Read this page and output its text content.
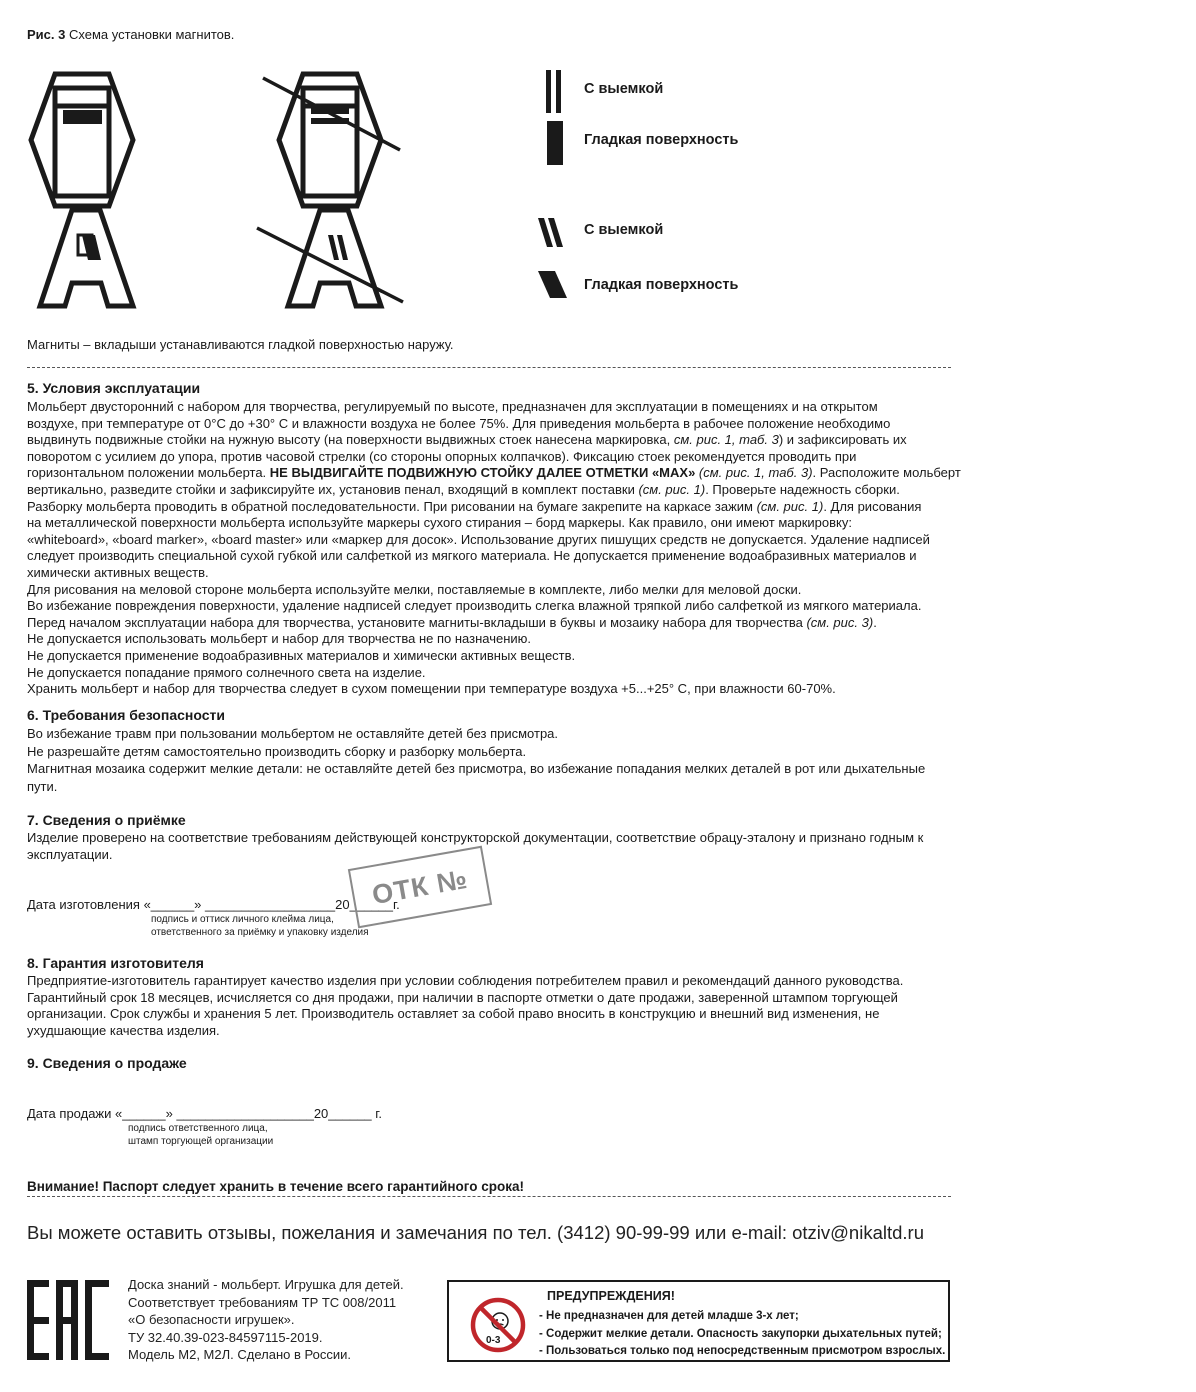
Рис. 3 Схема установки магнитов.
С выемкой
Гладкая поверхность
С выемкой
Гладкая поверхность
Магниты – вкладыши устанавливаются гладкой поверхностью наружу.
5. Условия эксплуатации
Мольберт двусторонний с набором для творчества, регулируемый по высоте, предназначен для эксплуатации в помещениях и на открытом
воздухе, при температуре от 0°С до +30° С и влажности воздуха не более 75%. Для приведения мольберта в рабочее положение необходимо
выдвинуть подвижные стойки на нужную высоту (на поверхности выдвижных стоек нанесена маркировка, см. рис. 1, таб. 3) и зафиксировать их
поворотом с усилием до упора, против часовой стрелки (со стороны опорных колпачков). Фиксацию стоек рекомендуется проводить при
горизонтальном положении мольберта. НЕ ВЫДВИГАЙТЕ ПОДВИЖНУЮ СТОЙКУ ДАЛЕЕ ОТМЕТКИ «MAX» (см. рис. 1, таб. 3). Расположите мольберт
вертикально, разведите стойки и зафиксируйте их, установив пенал, входящий в комплект поставки (см. рис. 1). Проверьте надежность сборки.
Разборку мольберта проводить в обратной последовательности. При рисовании на бумаге закрепите на каркасе зажим (см. рис. 1). Для рисования
на металлической поверхности мольберта используйте маркеры сухого стирания – борд маркеры. Как правило, они имеют маркировку:
«whiteboard», «board marker», «board master» или «маркер для досок». Использование других пишущих средств не допускается. Удаление надписей
следует производить специальной сухой губкой или салфеткой из мягкого материала. Не допускается применение водоабразивных материалов и
химически активных веществ.
Для рисования на меловой стороне мольберта используйте мелки, поставляемые в комплекте, либо мелки для меловой доски.
Во избежание повреждения поверхности, удаление надписей следует производить слегка влажной тряпкой либо салфеткой из мягкого материала.
Перед началом эксплуатации набора для творчества, установите магниты-вкладыши в буквы и мозаику набора для творчества (см. рис. 3).
Не допускается использовать мольберт и набор для творчества не по назначению.
Не допускается применение водоабразивных материалов и химически активных веществ.
Не допускается попадание прямого солнечного света на изделие.
Хранить мольберт и набор для творчества следует в сухом помещении при температуре воздуха +5...+25° С, при влажности 60-70%.
6. Требования безопасности
Во избежание травм при пользовании мольбертом не оставляйте детей без присмотра.
Не разрешайте детям самостоятельно производить сборку и разборку мольберта.
Магнитная мозаика содержит мелкие детали: не оставляйте детей без присмотра, во избежание попадания мелких деталей в рот или дыхательные
пути.
7. Сведения о приёмке
Изделие проверено на соответствие требованиям действующей конструкторской документации, соответствие обрацу-эталону и признано годным к
эксплуатации.
Дата изготовления «______» __________________20______г.
подпись и оттиск личного клейма лица,
ответственного за приёмку и упаковку изделия
ОТК №
8. Гарантия изготовителя
Предприятие-изготовитель гарантирует качество изделия при условии соблюдения потребителем правил и рекомендаций данного руководства.
Гарантийный срок 18 месяцев, исчисляется со дня продажи, при наличии в паспорте отметки о дате продажи, заверенной штампом торгующей
организации. Срок службы и хранения 5 лет. Производитель оставляет за собой право вносить в конструкцию и внешний вид изменения, не
ухудшающие качества изделия.
9. Сведения о продаже
Дата продажи «______» ___________________20______ г.
подпись ответственного лица,
штамп торгующей организации
Внимание! Паспорт следует хранить в течение всего гарантийного срока!
Вы можете оставить отзывы, пожелания и замечания по тел. (3412) 90-99-99 или e-mail: otziv@nikaltd.ru
Доска знаний - мольберт. Игрушка для детей.
Соответствует требованиям ТР ТС 008/2011
«О безопасности игрушек».
ТУ 32.40.39-023-84597115-2019.
Модель М2, М2Л. Сделано в России.
ПРЕДУПРЕЖДЕНИЯ!
0-3
- Не предназначен для детей младше 3-х лет;
- Содержит мелкие детали. Опасность закупорки дыхательных путей;
- Пользоваться только под непосредственным присмотром взрослых.
